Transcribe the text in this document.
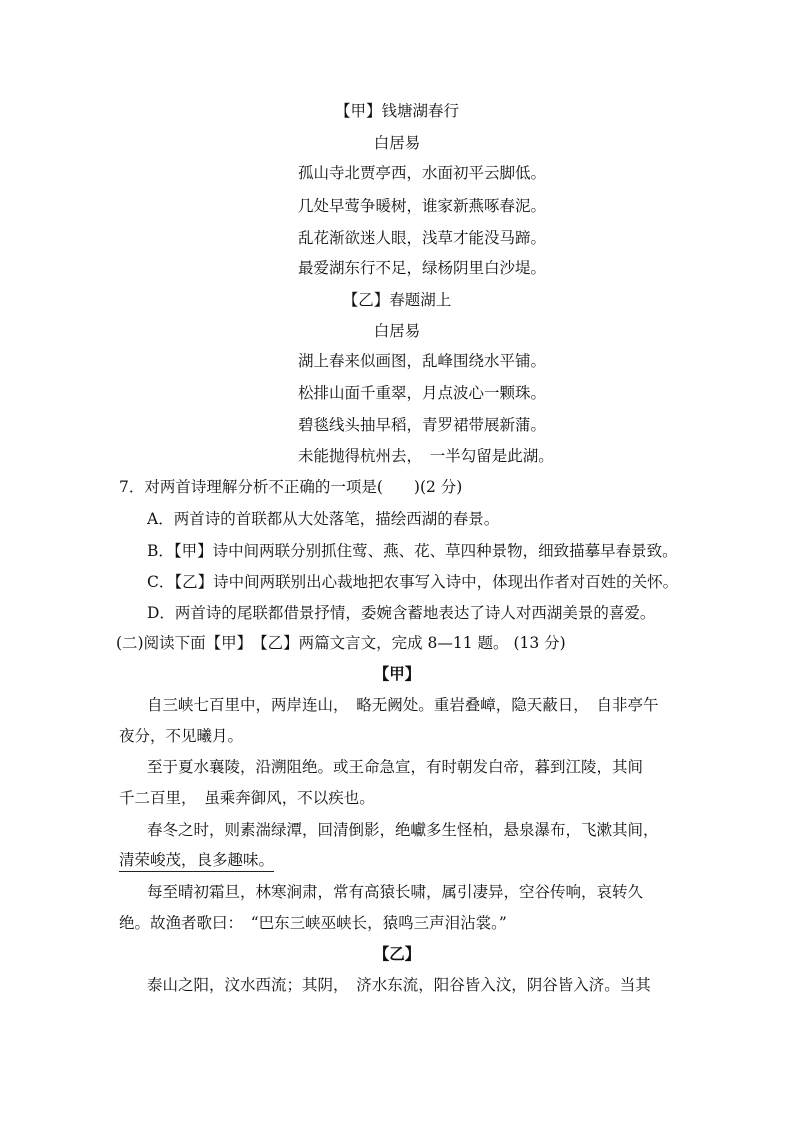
【甲】钱塘湖春行
白居易
孤山寺北贾亭西，水面初平云脚低。
几处早莺争暖树，谁家新燕啄春泥。
乱花渐欲迷人眼，浅草才能没马蹄。
最爱湖东行不足，绿杨阴里白沙堤。
【乙】春题湖上
白居易
湖上春来似画图，乱峰围绕水平铺。
松排山面千重翠，月点波心一颗珠。
碧毯线头抽早稻，青罗裙带展新蒲。
未能抛得杭州去，　一半勾留是此湖。
7．对两首诗理解分析不正确的一项是(　　)(2 分)
A．两首诗的首联都从大处落笔，描绘西湖的春景。
B．【甲】诗中间两联分别抓住莺、燕、花、草四种景物，细致描摹早春景致。
C．【乙】诗中间两联别出心裁地把农事写入诗中，体现出作者对百姓的关怀。
D．两首诗的尾联都借景抒情，委婉含蓄地表达了诗人对西湖美景的喜爱。
(二)阅读下面【甲】　【乙】两篇文言文，完成 8—11 题。 (13 分)
【甲】
自三峡七百里中，两岸连山，　略无阙处。重岩叠嶂，隐天蔽日，　自非亭午
夜分，不见曦月。
至于夏水襄陵，沿溯阻绝。或王命急宣，有时朝发白帝，暮到江陵，其间
千二百里，　虽乘奔御风，不以疾也。
春冬之时，则素湍绿潭，回清倒影，绝巘多生怪柏，悬泉瀑布，飞漱其间，
清荣峻茂，良多趣味。
每至晴初霜旦，林寒涧肃，常有高猿长啸，属引凄异，空谷传响，哀转久
绝。故渔者歌曰：　“巴东三峡巫峡长，猿鸣三声泪沾裳。”
【乙】
泰山之阳，汶水西流；其阴，　济水东流，阳谷皆入汶，阴谷皆入济。当其
